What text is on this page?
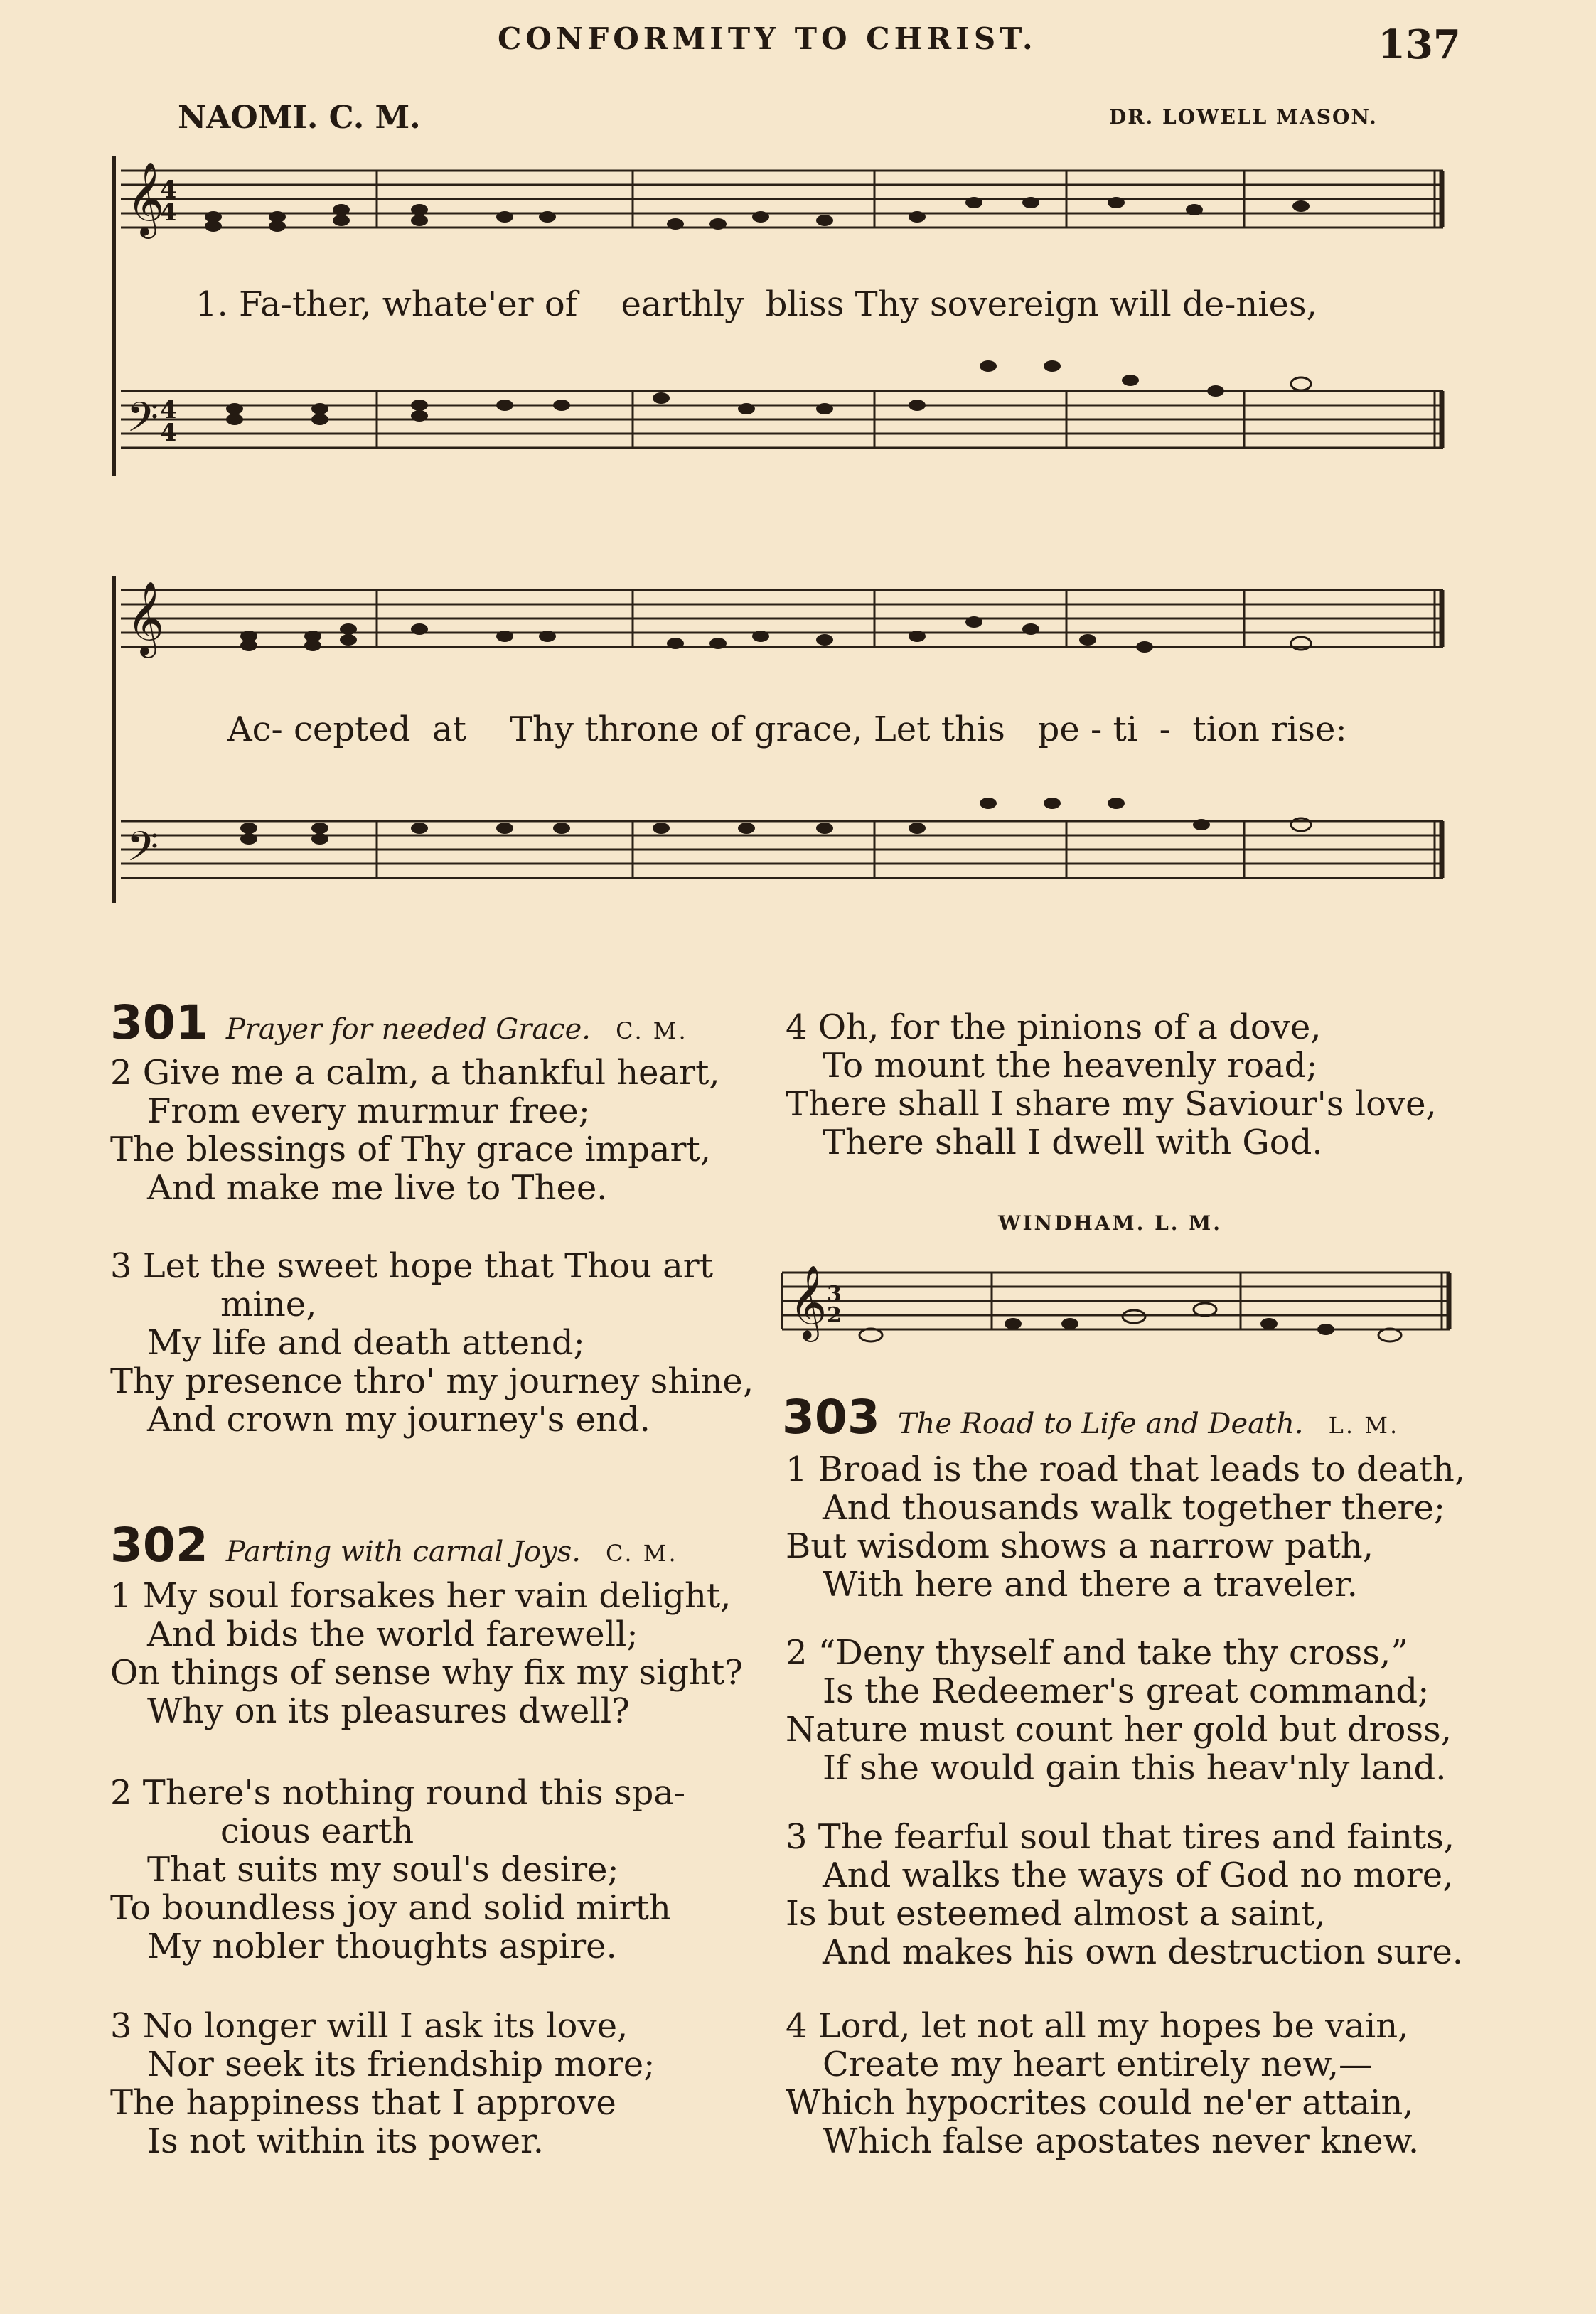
CONFORMITY TO CHRIST.	137
NAOMI. C. M.	DR. LOWELL MASON.
𝄞
4
4
𝄢 4
4
1. Fa-ther, whate'er of    earthly  bliss Thy sovereign will de-nies,
𝄞
𝄢
Ac- cepted  at    Thy throne of grace, Let this   pe - ti  -  tion rise:
301 Prayer for needed Grace. C. M.
2 Give me a calm, a thankful heart,
From every murmur free;
The blessings of Thy grace impart,
And make me live to Thee.
3 Let the sweet hope that Thou art
mine,
My life and death attend;
Thy presence thro' my journey shine,
And crown my journey's end.
302 Parting with carnal Joys. C. M.
1 My soul forsakes her vain delight,
And bids the world farewell;
On things of sense why fix my sight?
Why on its pleasures dwell?
2 There's nothing round this spa-
cious earth
That suits my soul's desire;
To boundless joy and solid mirth
My nobler thoughts aspire.
3 No longer will I ask its love,
Nor seek its friendship more;
The happiness that I approve
Is not within its power.
4 Oh, for the pinions of a dove,
To mount the heavenly road;
There shall I share my Saviour's love,
There shall I dwell with God.
WINDHAM. L. M.
𝄞 3
2
303 The Road to Life and Death. L. M.
1 Broad is the road that leads to death,
And thousands walk together there;
But wisdom shows a narrow path,
With here and there a traveler.
2 “Deny thyself and take thy cross,”
Is the Redeemer's great command;
Nature must count her gold but dross,
If she would gain this heav'nly land.
3 The fearful soul that tires and faints,
And walks the ways of God no more,
Is but esteemed almost a saint,
And makes his own destruction sure.
4 Lord, let not all my hopes be vain,
Create my heart entirely new,—
Which hypocrites could ne'er attain,
Which false apostates never knew.
